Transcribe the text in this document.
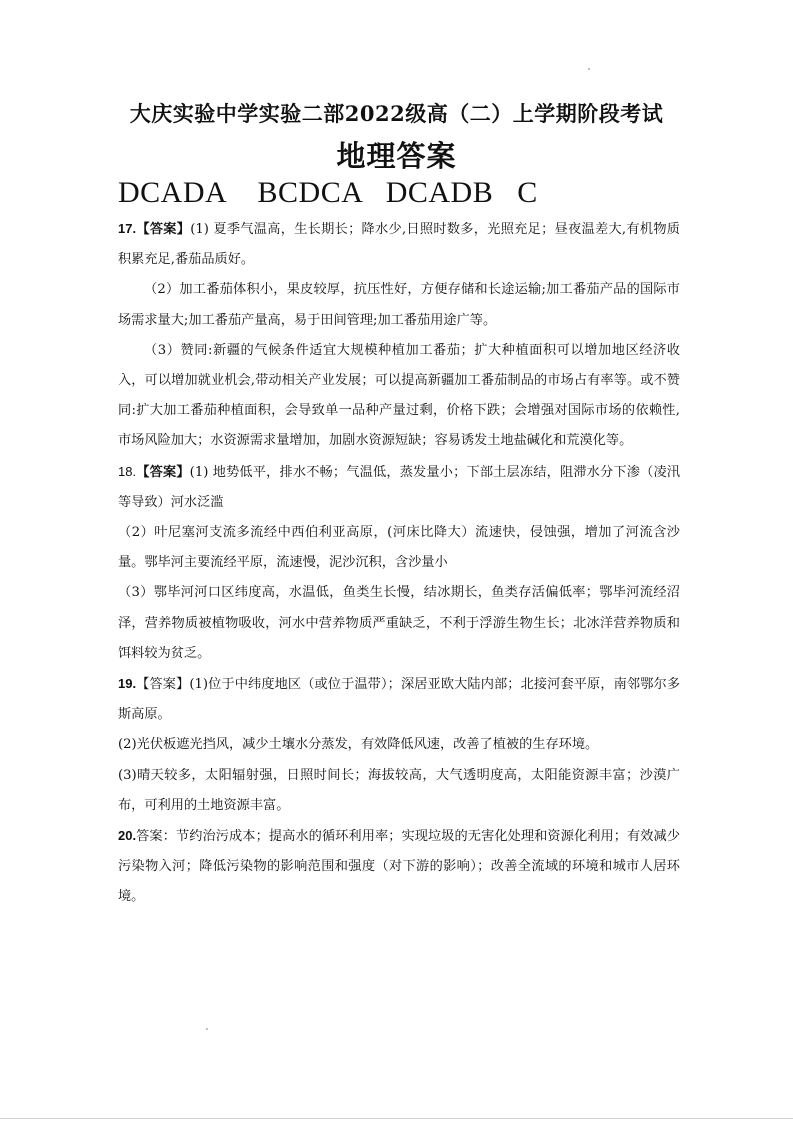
大庆实验中学实验二部2022级高（二）上学期阶段考试
地理答案
DCADA    BCDCA   DCADB   C

17.【答案】(1) 夏季气温高，生长期长；降水少,日照时数多，光照充足；昼夜温差大,有机物质积累充足,番茄品质好。

（2）加工番茄体积小，果皮较厚，抗压性好，方便存储和长途运输;加工番茄产品的国际市场需求量大;加工番茄产量高，易于田间管理;加工番茄用途广等。

（3）赞同:新疆的气候条件适宜大规模种植加工番茄；扩大种植面积可以增加地区经济收入，可以增加就业机会,带动相关产业发展；可以提高新疆加工番茄制品的市场占有率等。或不赞同:扩大加工番茄种植面积，会导致单一品种产量过剩，价格下跌；会增强对国际市场的依赖性,市场风险加大；水资源需求量增加，加剧水资源短缺；容易诱发土地盐碱化和荒漠化等。

18.【答案】(1) 地势低平，排水不畅；气温低，蒸发量小；下部土层冻结，阻滞水分下渗（凌汛等导致）河水泛滥

（2）叶尼塞河支流多流经中西伯利亚高原，(河床比降大）流速快，侵蚀强，增加了河流含沙量。鄂毕河主要流经平原，流速慢，泥沙沉积，含沙量小

（3）鄂毕河河口区纬度高，水温低，鱼类生长慢，结冰期长，鱼类存活偏低率；鄂毕河流经沼泽，营养物质被植物吸收，河水中营养物质严重缺乏，不利于浮游生物生长；北冰洋营养物质和饵料较为贫乏。

19.【答案】(1)位于中纬度地区（或位于温带）；深居亚欧大陆内部；北接河套平原，南邻鄂尔多斯高原。

(2)光伏板遮光挡风，减少土壤水分蒸发，有效降低风速，改善了植被的生存环境。

(3)晴天较多，太阳辐射强，日照时间长；海拔较高，大气透明度高，太阳能资源丰富；沙漠广布，可利用的土地资源丰富。

20.答案：节约治污成本；提高水的循环利用率；实现垃圾的无害化处理和资源化利用；有效减少污染物入河；降低污染物的影响范围和强度（对下游的影响）；改善全流域的环境和城市人居环境。
